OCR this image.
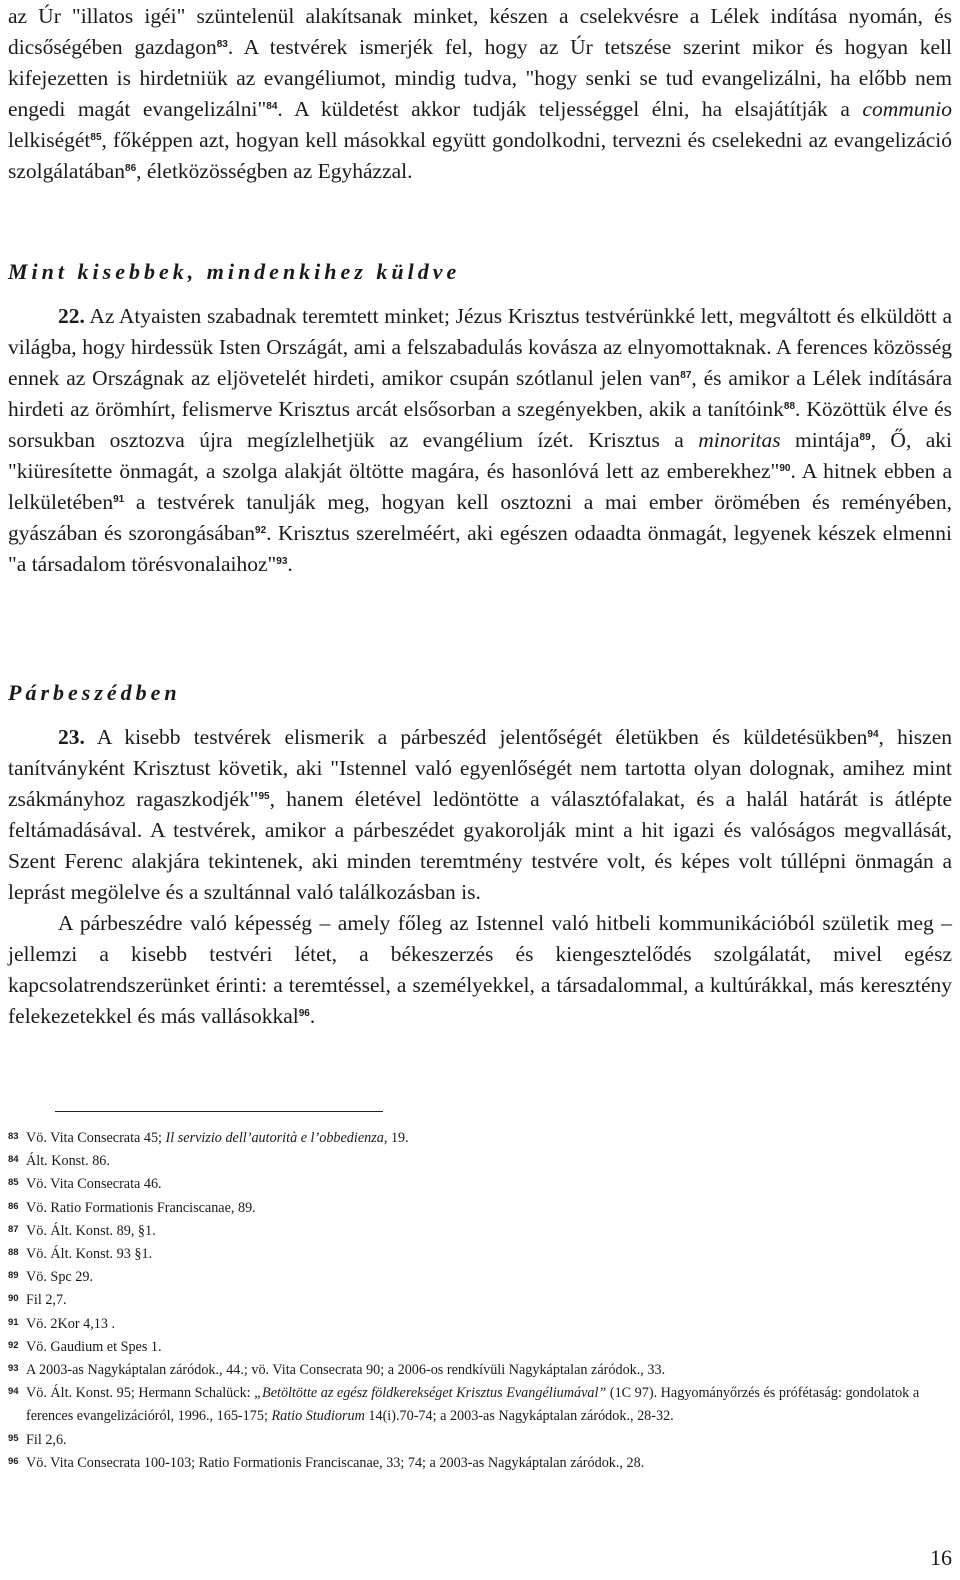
az Úr "illatos igéi" szüntelenül alakítsanak minket, készen a cselekvésre a Lélek indítása nyomán, és dicsőségében gazdagon$^{83}$. A testvérek ismerjék fel, hogy az Úr tetszése szerint mikor és hogyan kell kifejezetten is hirdetniük az evangéliumot, mindig tudva, "hogy senki se tud evangelizálni, ha előbb nem engedi magát evangelizálni"$^{84}$. A küldetést akkor tudják teljességgel élni, ha elsajátítják a communio lelkiségét$^{85}$, főképpen azt, hogyan kell másokkal együtt gondolkodni, tervezni és cselekedni az evangelizáció szolgálatában$^{86}$, életközösségben az Egyházzal.

Mint kisebbek, mindenkihez küldve

22. Az Atyaisten szabadnak teremtett minket; Jézus Krisztus testvérünkké lett, megváltott és elküldött a világba, hogy hirdessük Isten Országát, ami a felszabadulás kovásza az elnyomottaknak. A ferences közösség ennek az Országnak az eljövetelét hirdeti, amikor csupán szótlanul jelen van$^{87}$, és amikor a Lélek indítására hirdeti az örömhírt, felismerve Krisztus arcát elsősorban a szegényekben, akik a tanítóink$^{88}$. Közöttük élve és sorsukban osztozva újra megízlelhetjük az evangélium ízét. Krisztus a minoritas mintája$^{89}$, Ő, aki "kiüresítette önmagát, a szolga alakját öltötte magára, és hasonlóvá lett az emberekhez"$^{90}$. A hitnek ebben a lelkületében$^{91}$ a testvérek tanulják meg, hogyan kell osztozni a mai ember örömében és reményében, gyászában és szorongásában$^{92}$. Krisztus szerelméért, aki egészen odaadta önmagát, legyenek készek elmenni "a társadalom törésvonalaihoz"$^{93}$.

Párbeszédben

23. A kisebb testvérek elismerik a párbeszéd jelentőségét életükben és küldetésükben$^{94}$, hiszen tanítványként Krisztust követik, aki "Istennel való egyenlőségét nem tartotta olyan dolognak, amihez mint zsákmányhoz ragaszkodjék"$^{95}$, hanem életével ledöntötte a választófalakat, és a halál határát is átlépte feltámadásával. A testvérek, amikor a párbeszédet gyakorolják mint a hit igazi és valóságos megvallását, Szent Ferenc alakjára tekintenek, aki minden teremtmény testvére volt, és képes volt túllépni önmagán a leprást megölelve és a szultánnal való találkozásban is.

A párbeszédre való képesség – amely főleg az Istennel való hitbeli kommunikációból születik meg – jellemzi a kisebb testvéri létet, a békeszerzés és kiengesztelődés szolgálatát, mivel egész kapcsolatrendszerünket érinti: a teremtéssel, a személyekkel, a társadalommal, a kultúrákkal, más keresztény felekezetekkel és más vallásokkal$^{96}$.

83 Vö. Vita Consecrata 45; Il servizio dell’autorità e l’obbedienza, 19.

84 Ált. Konst. 86.

85 Vö. Vita Consecrata 46.

86 Vö. Ratio Formationis Franciscanae, 89.

87 Vö. Ált. Konst. 89, §1.

88 Vö. Ált. Konst. 93 §1.

89 Vö. Spc 29.

90 Fil 2,7.

91 Vö. 2Kor 4,13 .

92 Vö. Gaudium et Spes 1.

93 A 2003-as Nagykáptalan záródok., 44.; vö. Vita Consecrata 90; a 2006-os rendkívüli Nagykáptalan záródok., 33.

94 Vö. Ált. Konst. 95; Hermann Schalück: „Betöltötte az egész földkerekséget Krisztus Evangéliumával” (1C 97). Hagyományőrzés és prófétaság: gondolatok a ferences evangelizációról, 1996., 165-175; Ratio Studiorum 14(i).70-74; a 2003-as Nagykáptalan záródok., 28-32.

95 Fil 2,6.

96 Vö. Vita Consecrata 100-103; Ratio Formationis Franciscanae, 33; 74; a 2003-as Nagykáptalan záródok., 28.

16
